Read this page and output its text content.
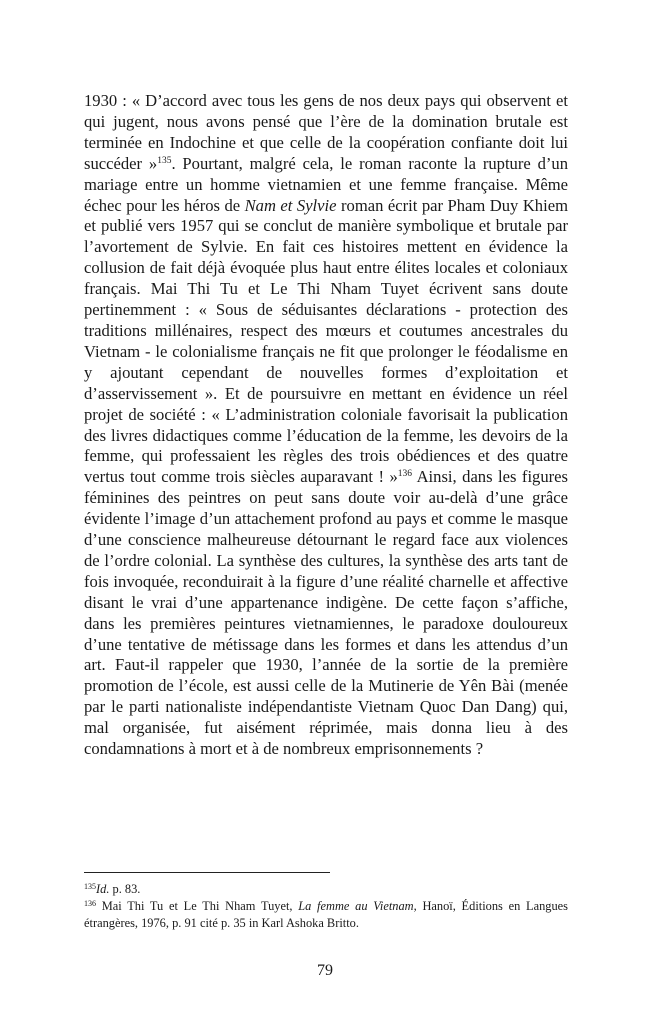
1930 : « D’accord avec tous les gens de nos deux pays qui observent et qui jugent, nous avons pensé que l’ère de la domination brutale est terminée en Indochine et que celle de la coopération confiante doit lui succéder »$^{135}$. Pourtant, malgré cela, le roman raconte la rupture d’un mariage entre un homme vietnamien et une femme française. Même échec pour les héros de Nam et Sylvie roman écrit par Pham Duy Khiem et publié vers 1957 qui se conclut de manière symbolique et brutale par l’avortement de Sylvie. En fait ces histoires mettent en évidence la collusion de fait déjà évoquée plus haut entre élites locales et coloniaux français. Mai Thi Tu et Le Thi Nham Tuyet écrivent sans doute pertinemment : « Sous de séduisantes déclarations - protection des traditions millénaires, respect des mœurs et coutumes ancestrales du Vietnam - le colonialisme français ne fit que prolonger le féodalisme en y ajoutant cependant de nouvelles formes d’exploitation et d’asservissement ». Et de poursuivre en mettant en évidence un réel projet de société : « L’administration coloniale favorisait la publication des livres didactiques comme l’éducation de la femme, les devoirs de la femme, qui professaient les règles des trois obédiences et des quatre vertus tout comme trois siècles auparavant ! »$^{136}$ Ainsi, dans les figures féminines des peintres on peut sans doute voir au-delà d’une grâce évidente l’image d’un attachement profond au pays et comme le masque d’une conscience malheureuse détournant le regard face aux violences de l’ordre colonial. La synthèse des cultures, la synthèse des arts tant de fois invoquée, reconduirait à la figure d’une réalité charnelle et affective disant le vrai d’une appartenance indigène. De cette façon s’affiche, dans les premières peintures vietnamiennes, le paradoxe douloureux d’une tentative de métissage dans les formes et dans les attendus d’un art. Faut-il rappeler que 1930, l’année de la sortie de la première promotion de l’école, est aussi celle de la Mutinerie de Yên Bài (menée par le parti nationaliste indépendantiste Vietnam Quoc Dan Dang) qui, mal organisée, fut aisément réprimée, mais donna lieu à des condamnations à mort et à de nombreux emprisonnements ?

$^{135}$Id. p. 83.

$^{136}$ Mai Thi Tu et Le Thi Nham Tuyet, La femme au Vietnam, Hanoï, Éditions en Langues étrangères, 1976, p. 91 cité p. 35 in Karl Ashoka Britto.

79
